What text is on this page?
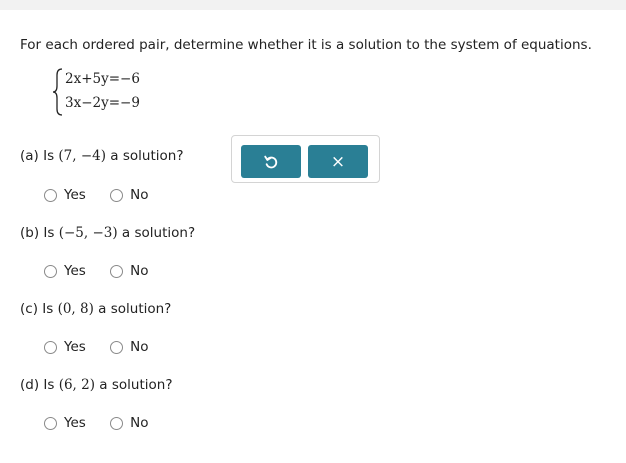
For each ordered pair, determine whether it is a solution to the system of equations.
2x+5y=−6
3x−2y=−9
(a) Is (7, −4) a solution?
Yes
	No
(b) Is (−5, −3) a solution?
Yes
	No
(c) Is (0, 8) a solution?
Yes
	No
(d) Is (6, 2) a solution?
Yes
	No
×
